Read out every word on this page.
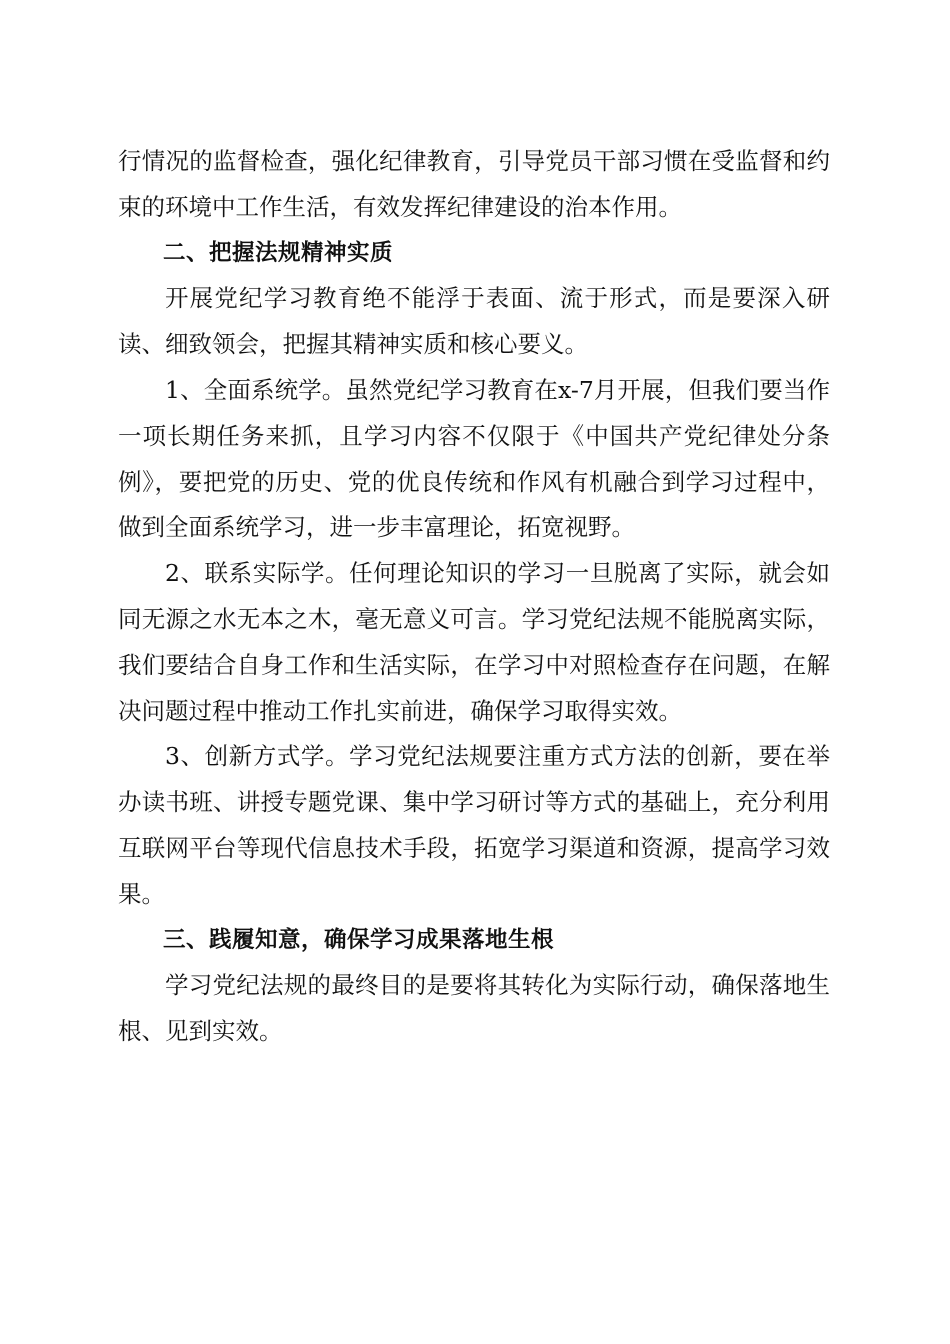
行情况的监督检查，强化纪律教育，引导党员干部习惯在受监督和约束的环境中工作生活，有效发挥纪律建设的治本作用。

二、把握法规精神实质

开展党纪学习教育绝不能浮于表面、流于形式，而是要深入研读、细致领会，把握其精神实质和核心要义。

1、全面系统学。虽然党纪学习教育在x-7月开展，但我们要当作一项长期任务来抓，且学习内容不仅限于《中国共产党纪律处分条例》，要把党的历史、党的优良传统和作风有机融合到学习过程中，做到全面系统学习，进一步丰富理论，拓宽视野。

2、联系实际学。任何理论知识的学习一旦脱离了实际，就会如同无源之水无本之木，毫无意义可言。学习党纪法规不能脱离实际，我们要结合自身工作和生活实际，在学习中对照检查存在问题，在解决问题过程中推动工作扎实前进，确保学习取得实效。

3、创新方式学。学习党纪法规要注重方式方法的创新，要在举办读书班、讲授专题党课、集中学习研讨等方式的基础上，充分利用互联网平台等现代信息技术手段，拓宽学习渠道和资源，提高学习效果。

三、践履知意，确保学习成果落地生根

学习党纪法规的最终目的是要将其转化为实际行动，确保落地生根、见到实效。
